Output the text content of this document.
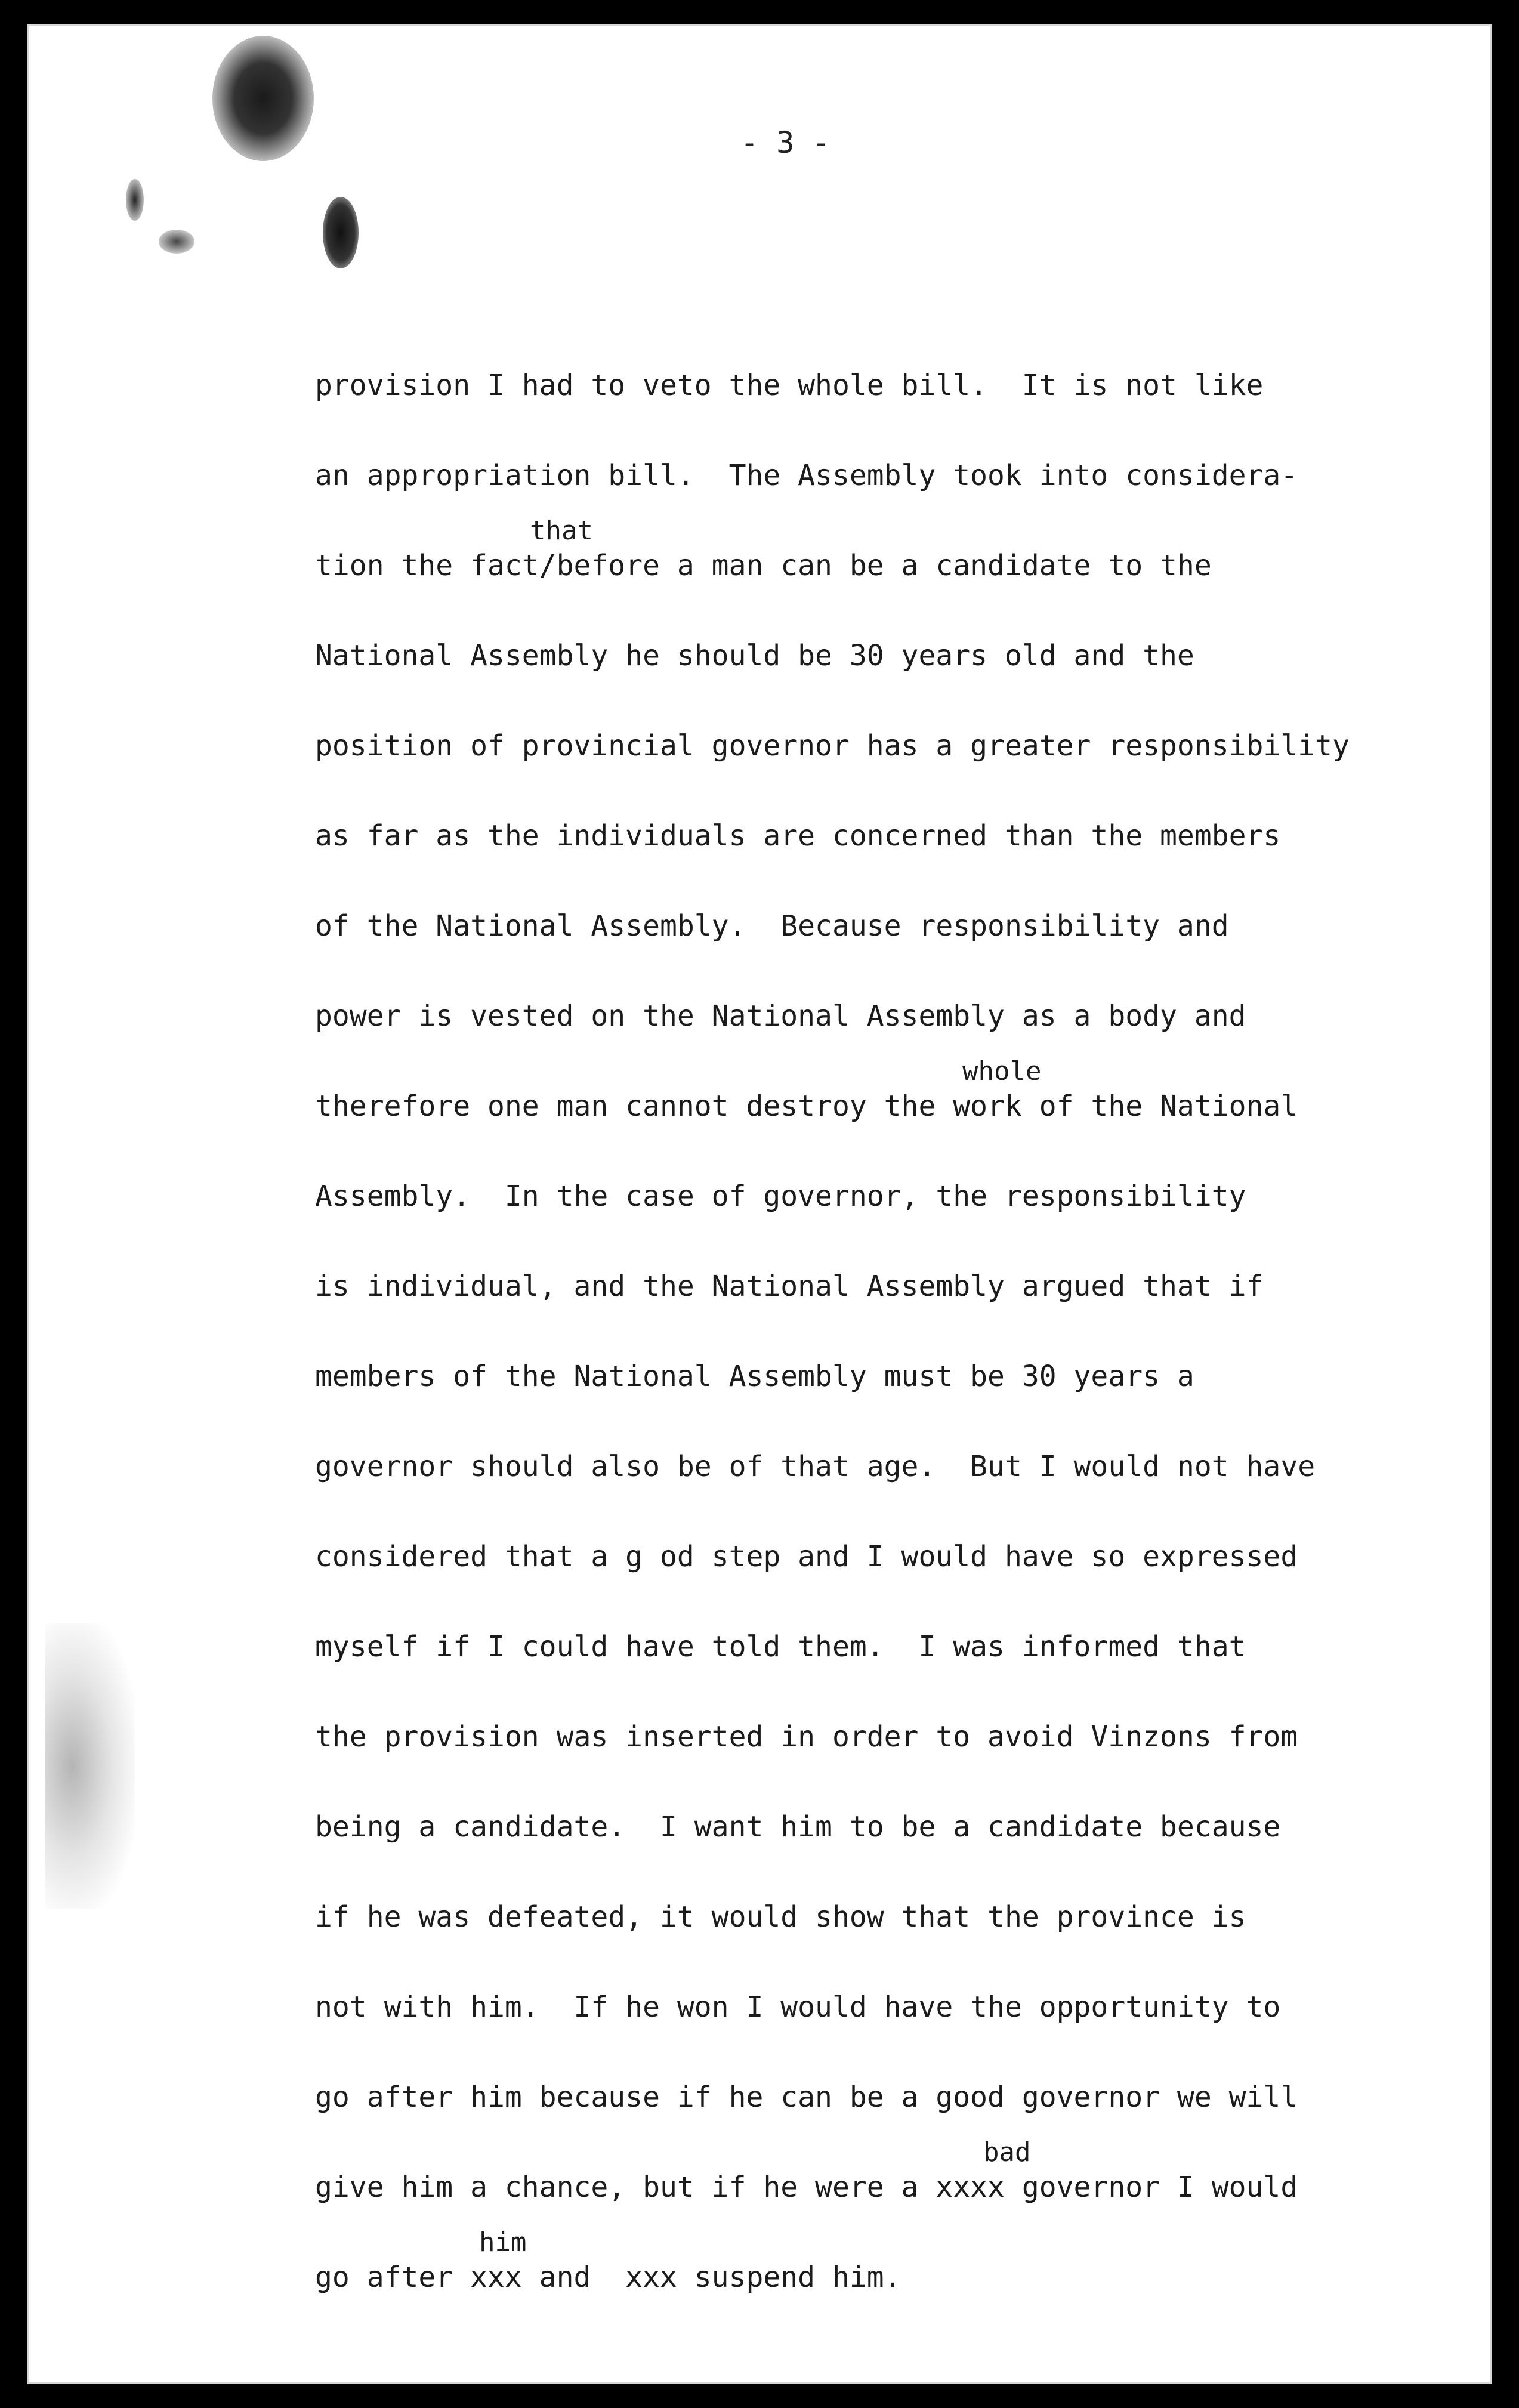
- 3 -
provision I had to veto the whole bill.  It is not like
an appropriation bill.  The Assembly took into considera-
that
tion the fact/before a man can be a candidate to the
National Assembly he should be 30 years old and the
position of provincial governor has a greater responsibility
as far as the individuals are concerned than the members
of the National Assembly.  Because responsibility and
power is vested on the National Assembly as a body and
whole
therefore one man cannot destroy the work of the National
Assembly.  In the case of governor, the responsibility
is individual, and the National Assembly argued that if
members of the National Assembly must be 30 years a
governor should also be of that age.  But I would not have
considered that a g od step and I would have so expressed
myself if I could have told them.  I was informed that
the provision was inserted in order to avoid Vinzons from
being a candidate.  I want him to be a candidate because
if he was defeated, it would show that the province is
not with him.  If he won I would have the opportunity to
go after him because if he can be a good governor we will
bad
give him a chance, but if he were a xxxx governor I would
him
go after xxx and  xxx suspend him.
